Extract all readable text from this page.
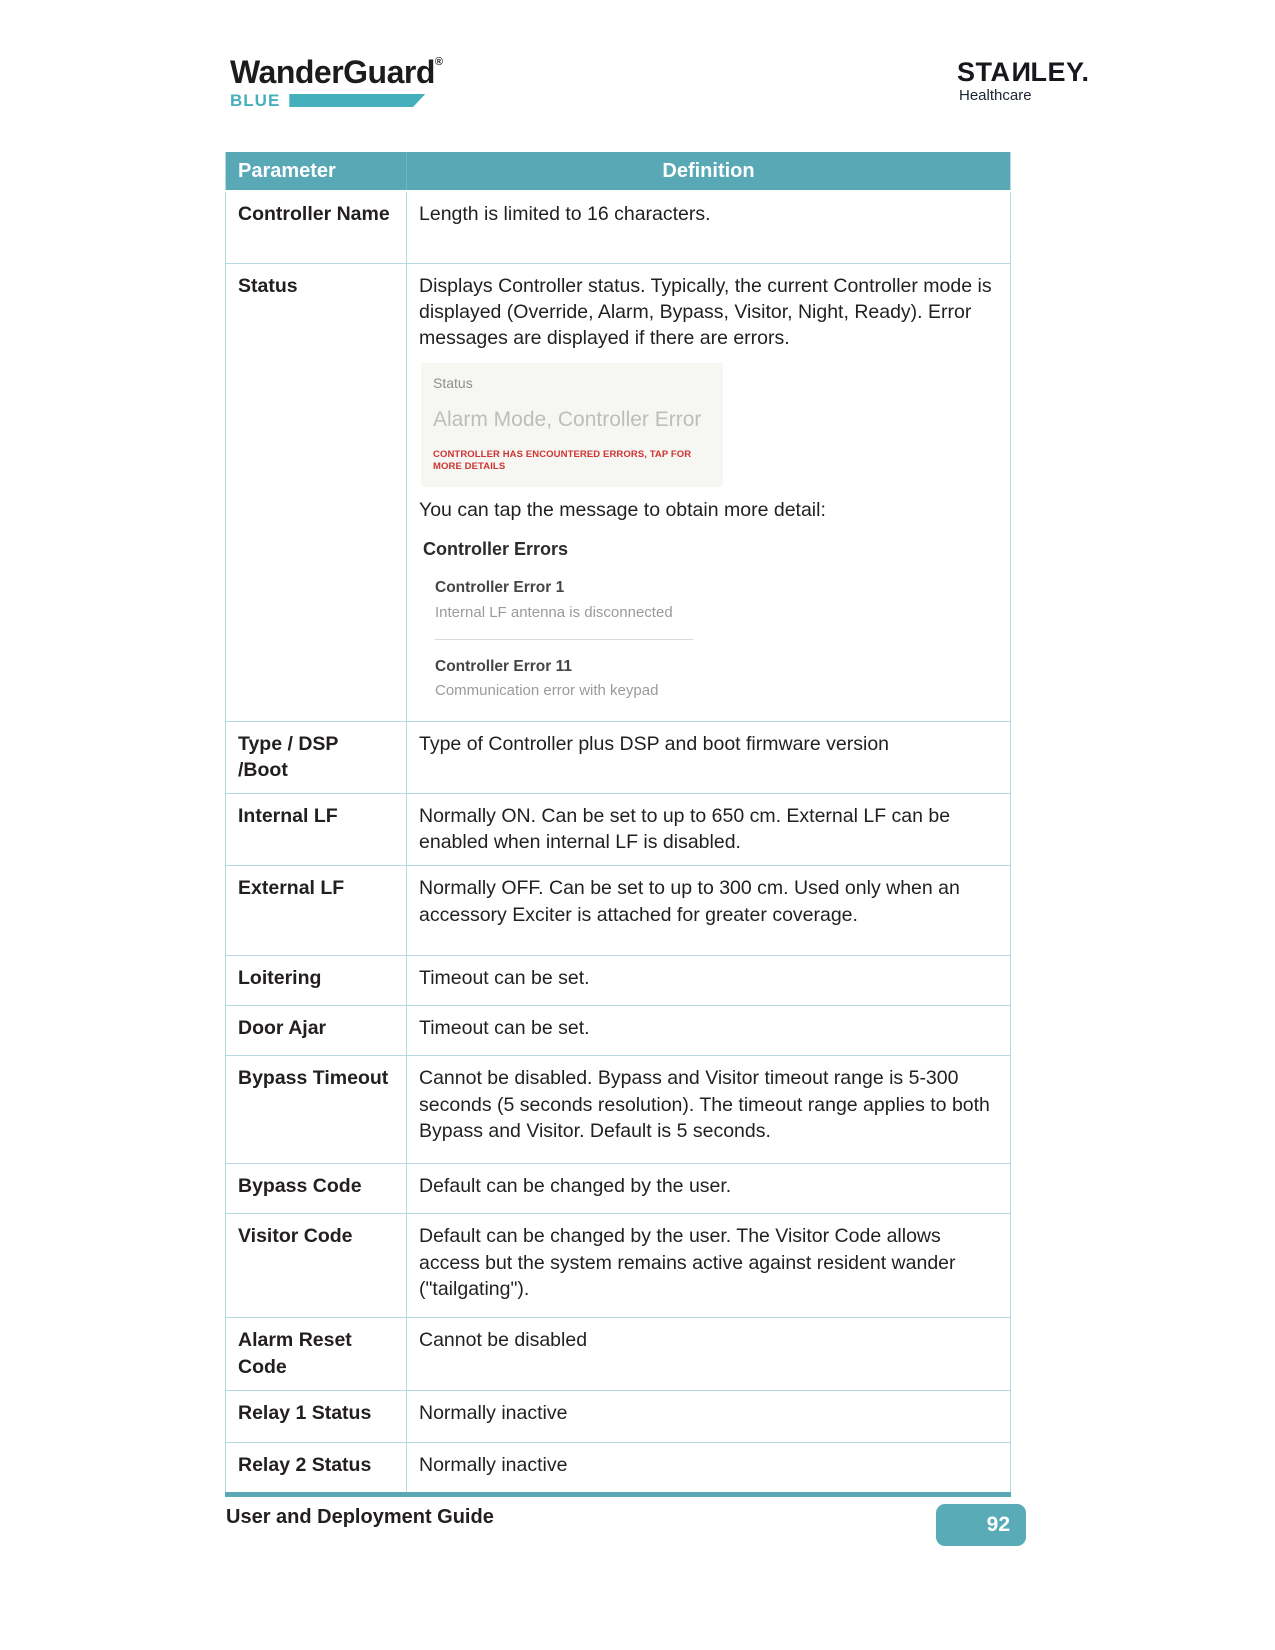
WanderGuard®
BLUE
STANLEY.
Healthcare
Parameter	Definition
Controller Name	Length is limited to 16 characters.
Status	Displays Controller status. Typically, the current Controller mode is displayed (Override, Alarm, Bypass, Visitor, Night, Ready). Error messages are displayed if there are errors.

Status
Alarm Mode, Controller Error
CONTROLLER HAS ENCOUNTERED ERRORS, TAP FOR MORE DETAILS

You can tap the message to obtain more detail:

Controller Errors
Controller Error 1
Internal LF antenna is disconnected
Controller Error 11
Communication error with keypad

Type / DSP /Boot	Type of Controller plus DSP and boot firmware version
Internal LF	Normally ON. Can be set to up to 650 cm. External LF can be enabled when internal LF is disabled.
External LF	Normally OFF. Can be set to up to 300 cm. Used only when an accessory Exciter is attached for greater coverage.
Loitering	Timeout can be set.
Door Ajar	Timeout can be set.
Bypass Timeout	Cannot be disabled. Bypass and Visitor timeout range is 5-300 seconds (5 seconds resolution). The timeout range applies to both Bypass and Visitor. Default is 5 seconds.
Bypass Code	Default can be changed by the user.
Visitor Code	Default can be changed by the user. The Visitor Code allows access but the system remains active against resident wander ("tailgating").
Alarm Reset Code	Cannot be disabled
Relay 1 Status	Normally inactive
Relay 2 Status	Normally inactive
User and Deployment Guide	92
